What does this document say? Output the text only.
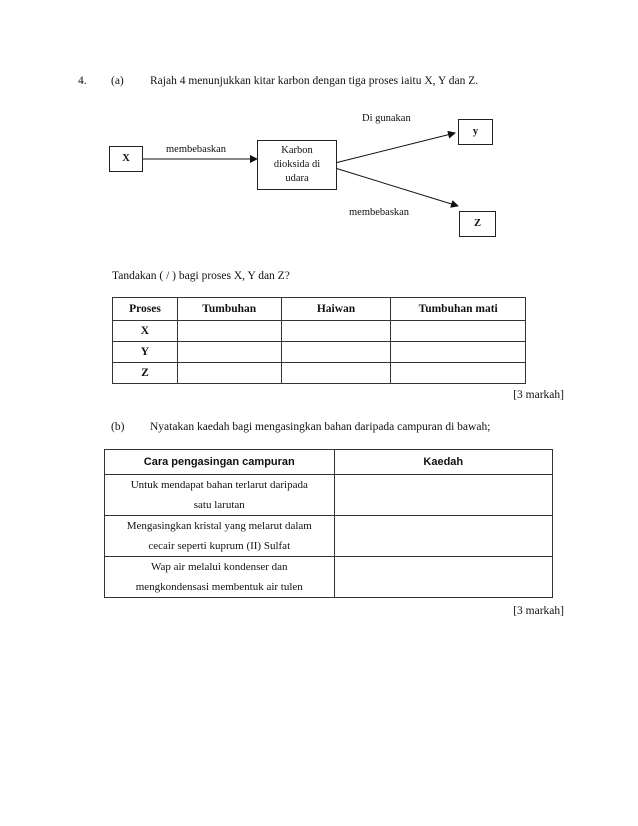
4. (a) Rajah 4 menunjukkan kitar karbon dengan tiga proses iaitu X, Y dan Z.
X
Karbon
dioksida di
udara
y
Z
membebaskan
Di gunakan
membebaskan
Tandakan ( / ) bagi proses X, Y dan Z?
Proses	Tumbuhan	Haiwan	Tumbuhan mati
X			
Y			
Z			
[3 markah]
(b) Nyatakan kaedah bagi mengasingkan bahan daripada campuran di bawah;
Cara pengasingan campuran	Kaedah
Untuk mendapat bahan terlarut daripada
satu larutan	
Mengasingkan kristal yang melarut dalam
cecair seperti kuprum (II) Sulfat	
Wap air melalui kondenser dan
mengkondensasi membentuk air tulen	
[3 markah]
